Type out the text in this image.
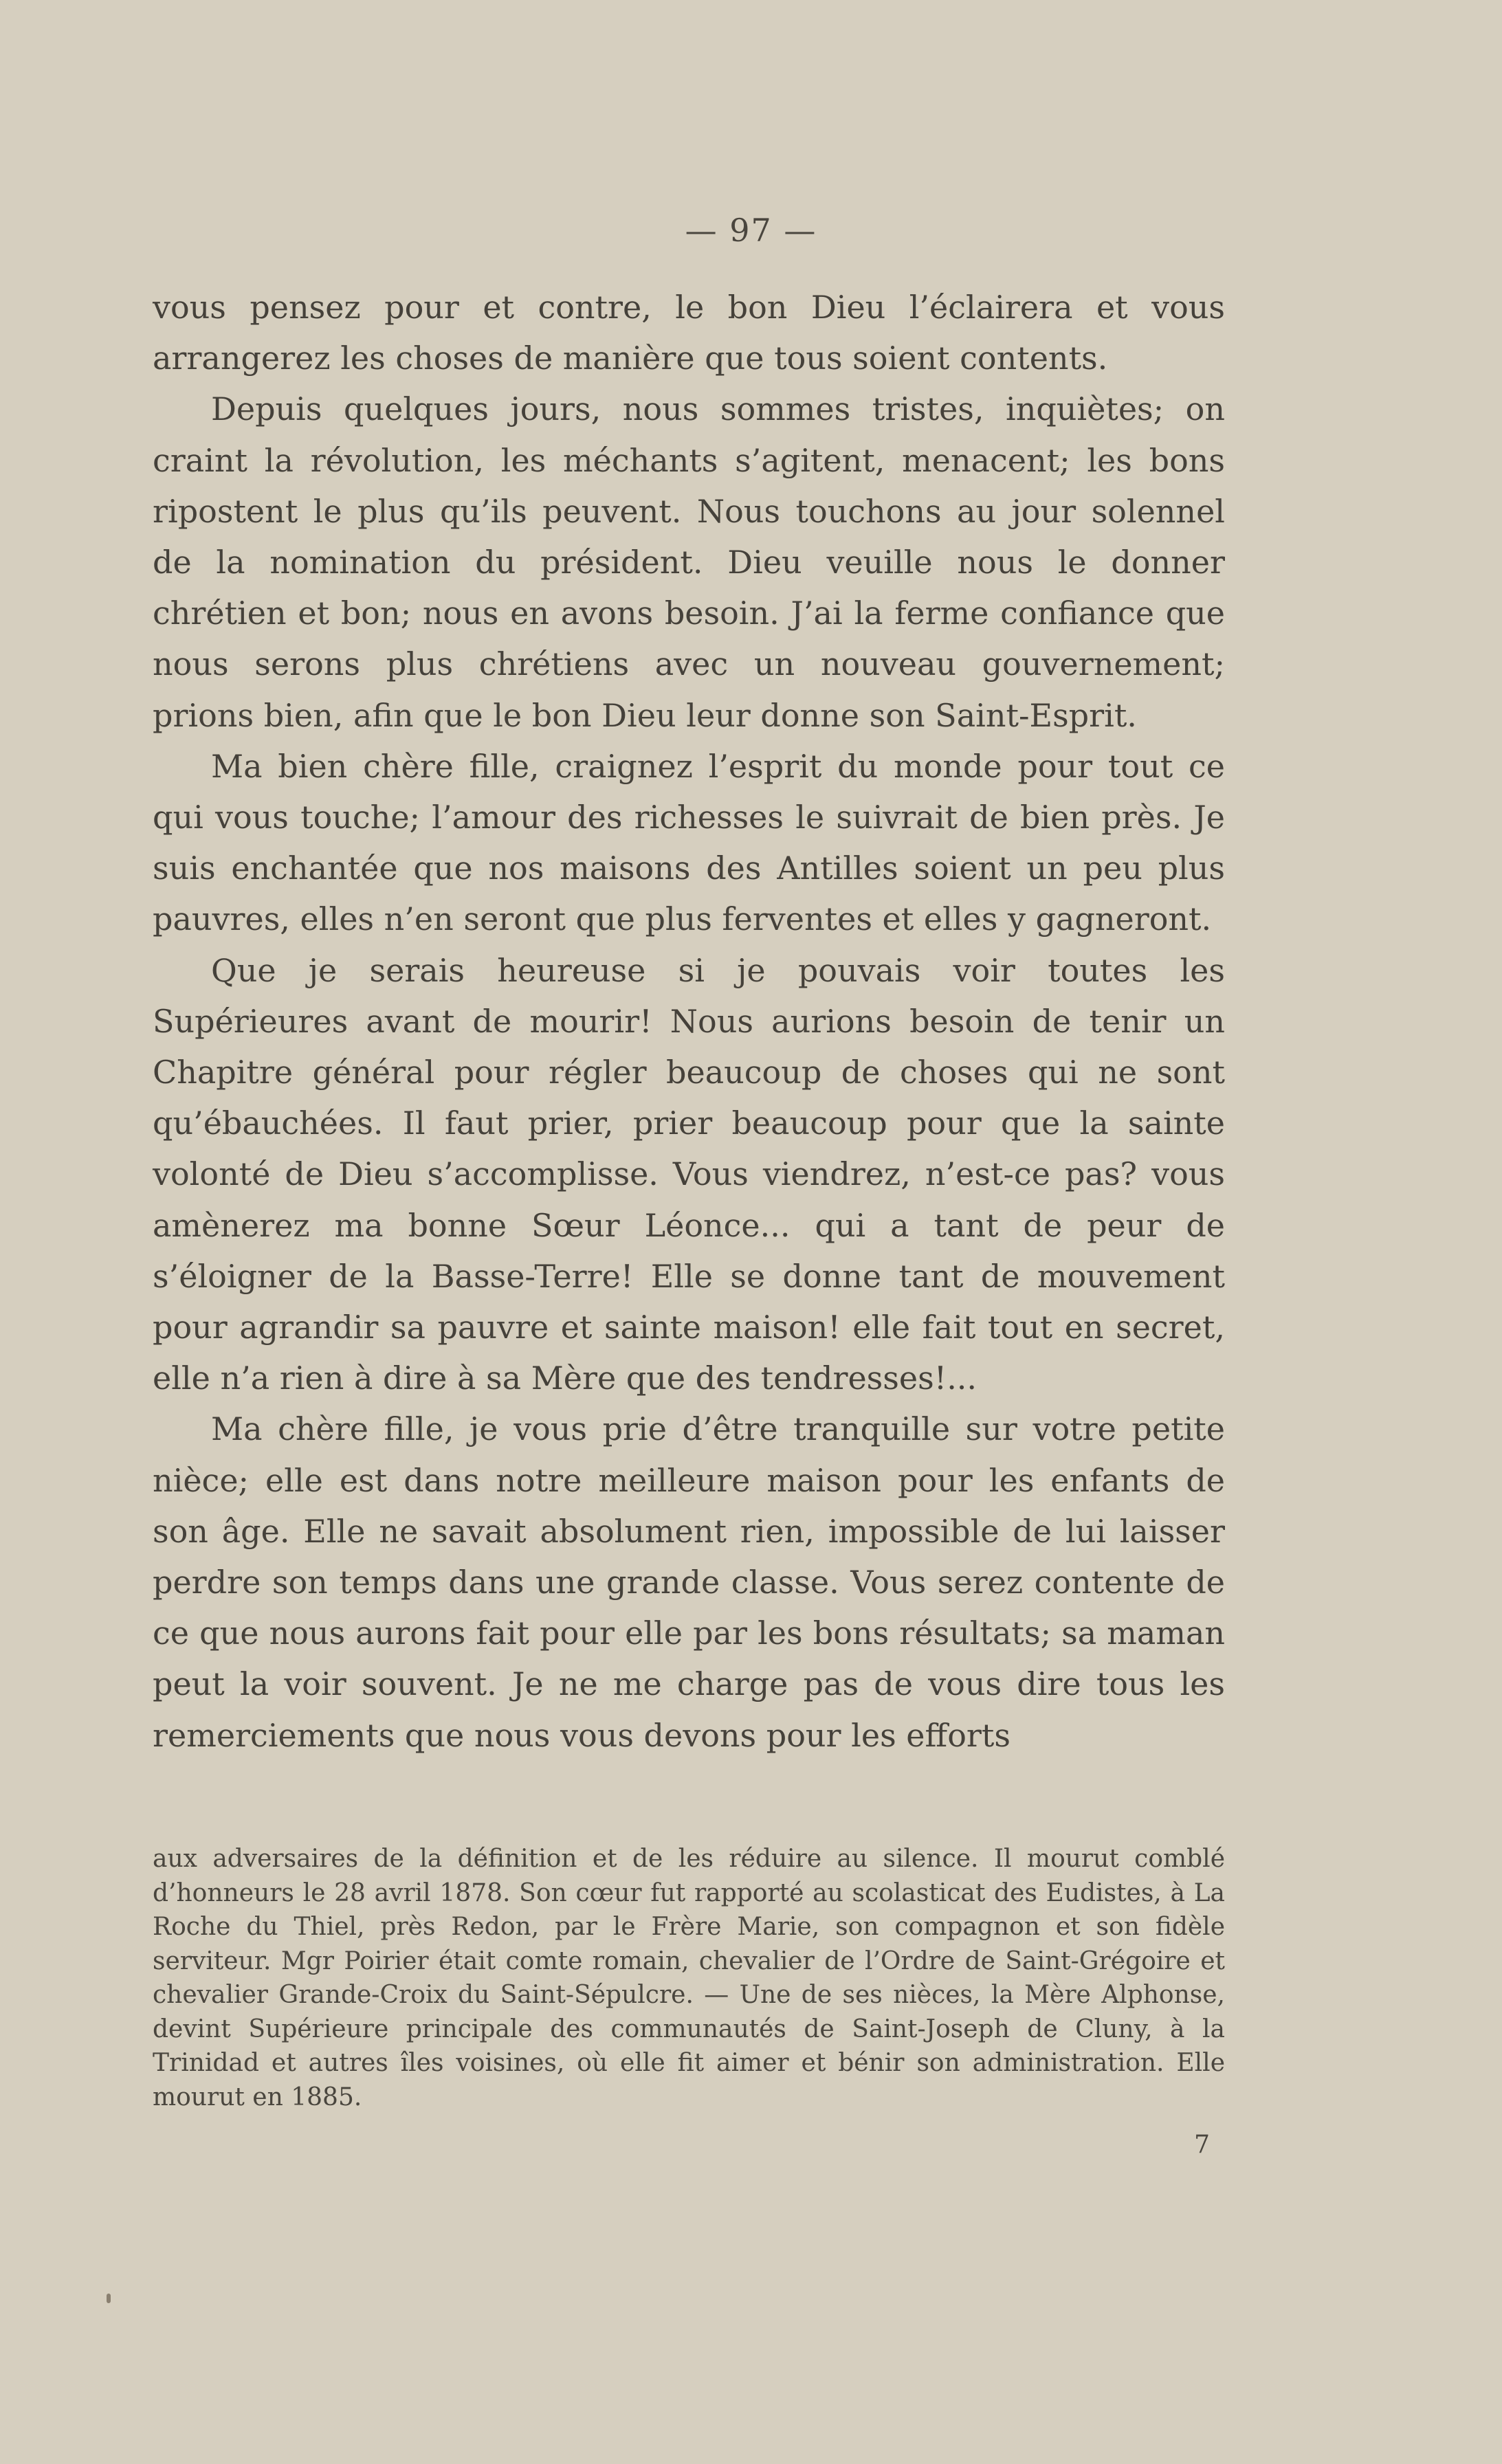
— 97 —

vous pensez pour et contre, le bon Dieu l’éclairera et vous arrangerez les choses de manière que tous soient contents.

Depuis quelques jours, nous sommes tristes, inquiètes; on craint la révolution, les méchants s’agitent, menacent; les bons ripostent le plus qu’ils peuvent. Nous touchons au jour solennel de la nomination du président. Dieu veuille nous le donner chrétien et bon; nous en avons besoin. J’ai la ferme confiance que nous serons plus chrétiens avec un nouveau gouvernement; prions bien, afin que le bon Dieu leur donne son Saint-Esprit.

Ma bien chère fille, craignez l’esprit du monde pour tout ce qui vous touche; l’amour des richesses le suivrait de bien près. Je suis enchantée que nos maisons des Antilles soient un peu plus pauvres, elles n’en seront que plus ferventes et elles y gagneront.

Que je serais heureuse si je pouvais voir toutes les Supérieures avant de mourir! Nous aurions besoin de tenir un Chapitre général pour régler beaucoup de choses qui ne sont qu’ébauchées. Il faut prier, prier beaucoup pour que la sainte volonté de Dieu s’accomplisse. Vous viendrez, n’est-ce pas? vous amènerez ma bonne Sœur Léonce... qui a tant de peur de s’éloigner de la Basse-Terre! Elle se donne tant de mouvement pour agrandir sa pauvre et sainte maison! elle fait tout en secret, elle n’a rien à dire à sa Mère que des tendresses!...

Ma chère fille, je vous prie d’être tranquille sur votre petite nièce; elle est dans notre meilleure maison pour les enfants de son âge. Elle ne savait absolument rien, impossible de lui laisser perdre son temps dans une grande classe. Vous serez contente de ce que nous aurons fait pour elle par les bons résultats; sa maman peut la voir souvent. Je ne me charge pas de vous dire tous les remerciements que nous vous devons pour les efforts

aux adversaires de la définition et de les réduire au silence. Il mourut comblé d’honneurs le 28 avril 1878. Son cœur fut rapporté au scolasticat des Eudistes, à La Roche du Thiel, près Redon, par le Frère Marie, son compagnon et son fidèle serviteur. Mgr Poirier était comte romain, chevalier de l’Ordre de Saint-Grégoire et chevalier Grande-Croix du Saint-Sépulcre. — Une de ses nièces, la Mère Alphonse, devint Supérieure principale des communautés de Saint-Joseph de Cluny, à la Trinidad et autres îles voisines, où elle fit aimer et bénir son administration. Elle mourut en 1885.

7
